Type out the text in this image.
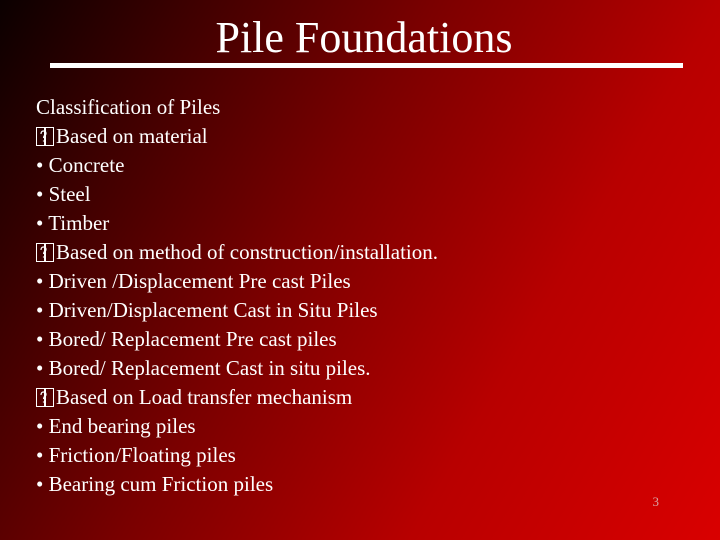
Pile Foundations
Classification of Piles
Based on material
• Concrete
• Steel
• Timber
Based on method of construction/installation.
• Driven /Displacement Pre cast Piles
• Driven/Displacement Cast in Situ Piles
• Bored/ Replacement Pre cast piles
• Bored/ Replacement Cast in situ piles.
Based on Load transfer mechanism
• End bearing piles
• Friction/Floating piles
• Bearing cum Friction piles
3
